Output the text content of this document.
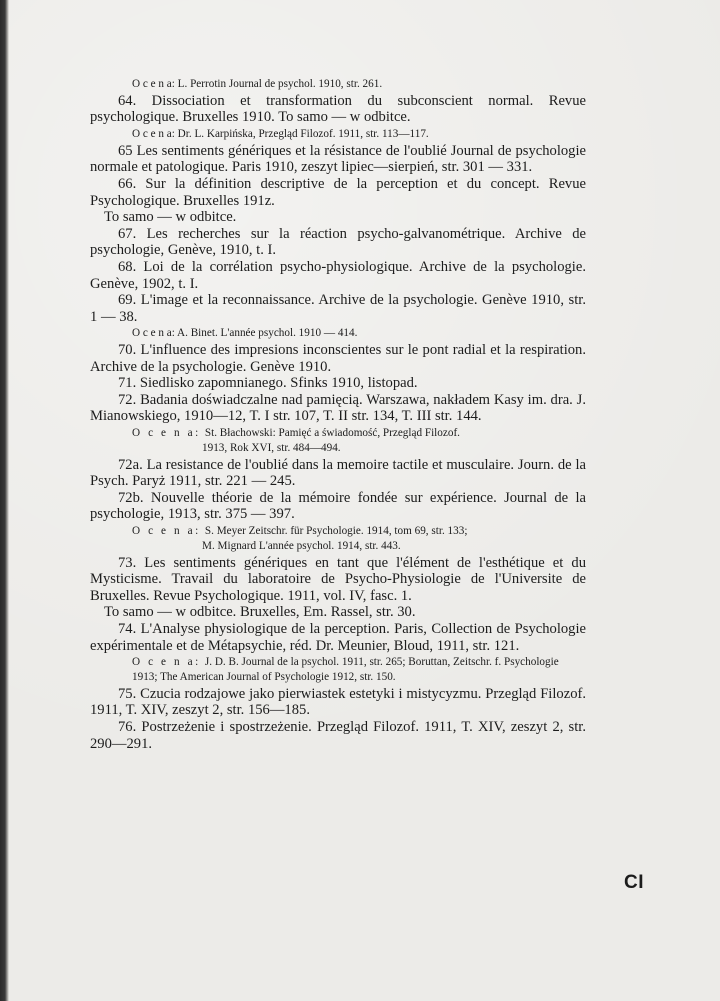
O c e n a: L. Perrotin Journal de psychol. 1910, str. 261.

64. Dissociation et transformation du subconscient normal. Revue psychologique. Bruxelles 1910. To samo — w odbitce.

O c e n a: Dr. L. Karpińska, Przegląd Filozof. 1911, str. 113—117.

65 Les sentiments génériques et la résistance de l'oublié Journal de psychologie normale et patologique. Paris 1910, zeszyt lipiec—sierpień, str. 301 — 331.

66. Sur la définition descriptive de la perception et du concept. Revue Psychologique. Bruxelles 191z.

To samo — w odbitce.

67. Les recherches sur la réaction psycho-galvanométrique. Archive de psychologie, Genève, 1910, t. I.

68. Loi de la corrélation psycho-physiologique. Archive de la psychologie. Genève, 1902, t. I.

69. L'image et la reconnaissance. Archive de la psychologie. Genève 1910, str. 1 — 38.

O c e n a: A. Binet. L'année psychol. 1910 — 414.

70. L'influence des impresions inconscientes sur le pont radial et la respiration. Archive de la psychologie. Genève 1910.

71. Siedlisko zapomnianego. Sfinks 1910, listopad.

72. Badania doświadczalne nad pamięcią. Warszawa, nakładem Kasy im. dra. J. Mianowskiego, 1910—12, T. I str. 107, T. II str. 134, T. III str. 144.

O c e n a: St. Błachowski: Pamięć a świadomość, Przegląd Filozof.
1913, Rok XVI, str. 484—494.

72a. La resistance de l'oublié dans la memoire tactile et musculaire. Journ. de la Psych. Paryż 1911, str. 221 — 245.

72b. Nouvelle théorie de la mémoire fondée sur expérience. Journal de la psychologie, 1913, str. 375 — 397.

O c e n a: S. Meyer Zeitschr. für Psychologie. 1914, tom 69, str. 133;
M. Mignard L'année psychol. 1914, str. 443.

73. Les sentiments génériques en tant que l'élément de l'esthétique et du Mysticisme. Travail du laboratoire de Psycho-Physiologie de l'Universite de Bruxelles. Revue Psychologique. 1911, vol. IV, fasc. 1.

To samo — w odbitce. Bruxelles, Em. Rassel, str. 30.

74. L'Analyse physiologique de la perception. Paris, Collection de Psychologie expérimentale et de Métapsychie, réd. Dr. Meunier, Bloud, 1911, str. 121.

O c e n a: J. D. B. Journal de la psychol. 1911, str. 265; Boruttan, Zeitschr. f. Psychologie 1913; The American Journal of Psychologie 1912, str. 150.

75. Czucia rodzajowe jako pierwiastek estetyki i mistycyzmu. Przegląd Filozof. 1911, T. XIV, zeszyt 2, str. 156—185.

76. Postrzeżenie i spostrzeżenie. Przegląd Filozof. 1911, T. XIV, zeszyt 2, str. 290—291.

CI
